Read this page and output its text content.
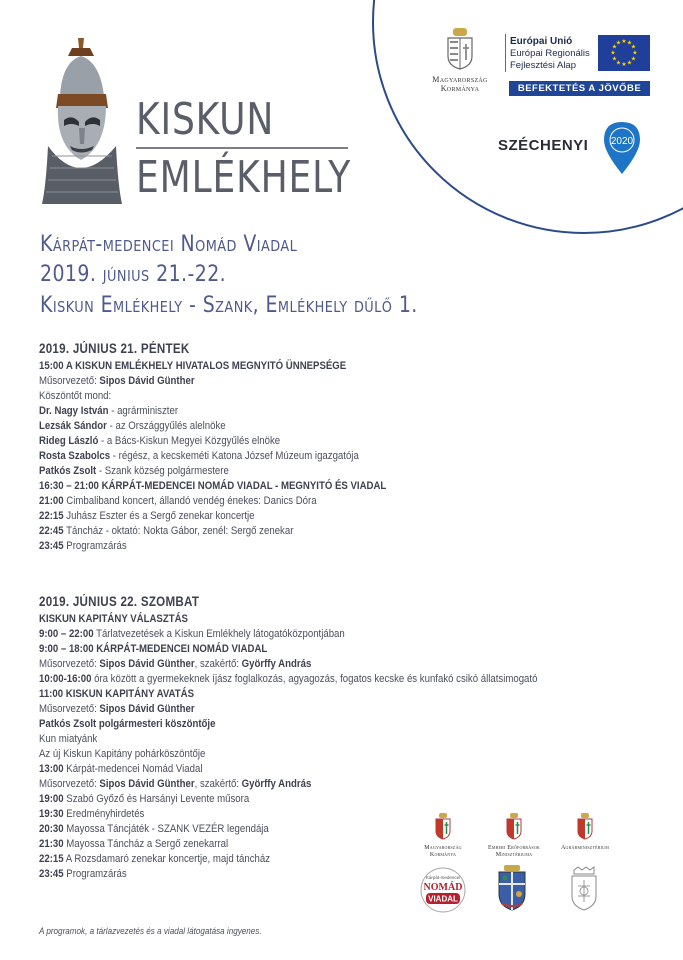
KISKUN
EMLÉKHELY
Magyarország
Kormánya
Európai Unió
Európai Regionális
Fejlesztési Alap
★ ★
★
★
★
★
★
★
★
★
★
★
BEFEKTETÉS A JÖVŐBE
SZÉCHENYI 2020
Kárpát-medencei Nomád Viadal
2019. június 21.-22.
Kiskun Emlékhely - Szank, Emlékhely dűlő 1.
2019. JÚNIUS 21. PÉNTEK
15:00 A KISKUN EMLÉKHELY HIVATALOS MEGNYITÓ ÜNNEPSÉGE
Műsorvezető: Sipos Dávid Günther
Köszöntőt mond:
Dr. Nagy István - agrárminiszter
Lezsák Sándor - az Országgyűlés alelnöke
Rideg László - a Bács-Kiskun Megyei Közgyűlés elnöke
Rosta Szabolcs - régész, a kecskeméti Katona József Múzeum igazgatója
Patkós Zsolt - Szank község polgármestere
16:30 – 21:00 KÁRPÁT-MEDENCEI NOMÁD VIADAL - MEGNYITÓ ÉS VIADAL
21:00 Cimbaliband koncert, állandó vendég énekes: Danics Dóra
22:15 Juhász Eszter és a Sergő zenekar koncertje
22:45 Táncház - oktató: Nokta Gábor, zenél: Sergő zenekar
23:45 Programzárás
2019. JÚNIUS 22. SZOMBAT
KISKUN KAPITÁNY VÁLASZTÁS
9:00 – 22:00 Tárlatvezetések a Kiskun Emlékhely látogatóközpontjában
9:00 – 18:00 KÁRPÁT-MEDENCEI NOMÁD VIADAL
Műsorvezető: Sipos Dávid Günther, szakértő: Györffy András
10:00-16:00 óra között a gyermekeknek íjász foglalkozás, agyagozás, fogatos kecske és kunfakó csikó állatsimogató
11:00 KISKUN KAPITÁNY AVATÁS
Műsorvezető: Sipos Dávid Günther
Patkós Zsolt polgármesteri köszöntője
Kun miatyánk
Az új Kiskun Kapitány pohárköszöntője
13:00 Kárpát-medencei Nomád Viadal
Műsorvezető: Sipos Dávid Günther, szakértő: Györffy András
19:00 Szabó Győző és Harsányi Levente műsora
19:30 Eredményhirdetés
20:30 Mayossa Táncjáték - SZANK VEZÉR legendája
21:30 Mayossa Táncház a Sergő zenekarral
22:15 A Rozsdamaró zenekar koncertje, majd táncház
23:45 Programzárás
A programok, a tárlazvezetés és a viadal látogatása ingyenes.
Magyarország
Kormánya
Emberi Erőforrások
Minisztériuma
Agrárminisztérium
Kárpát-medencei
NOMÁD
VIADAL
